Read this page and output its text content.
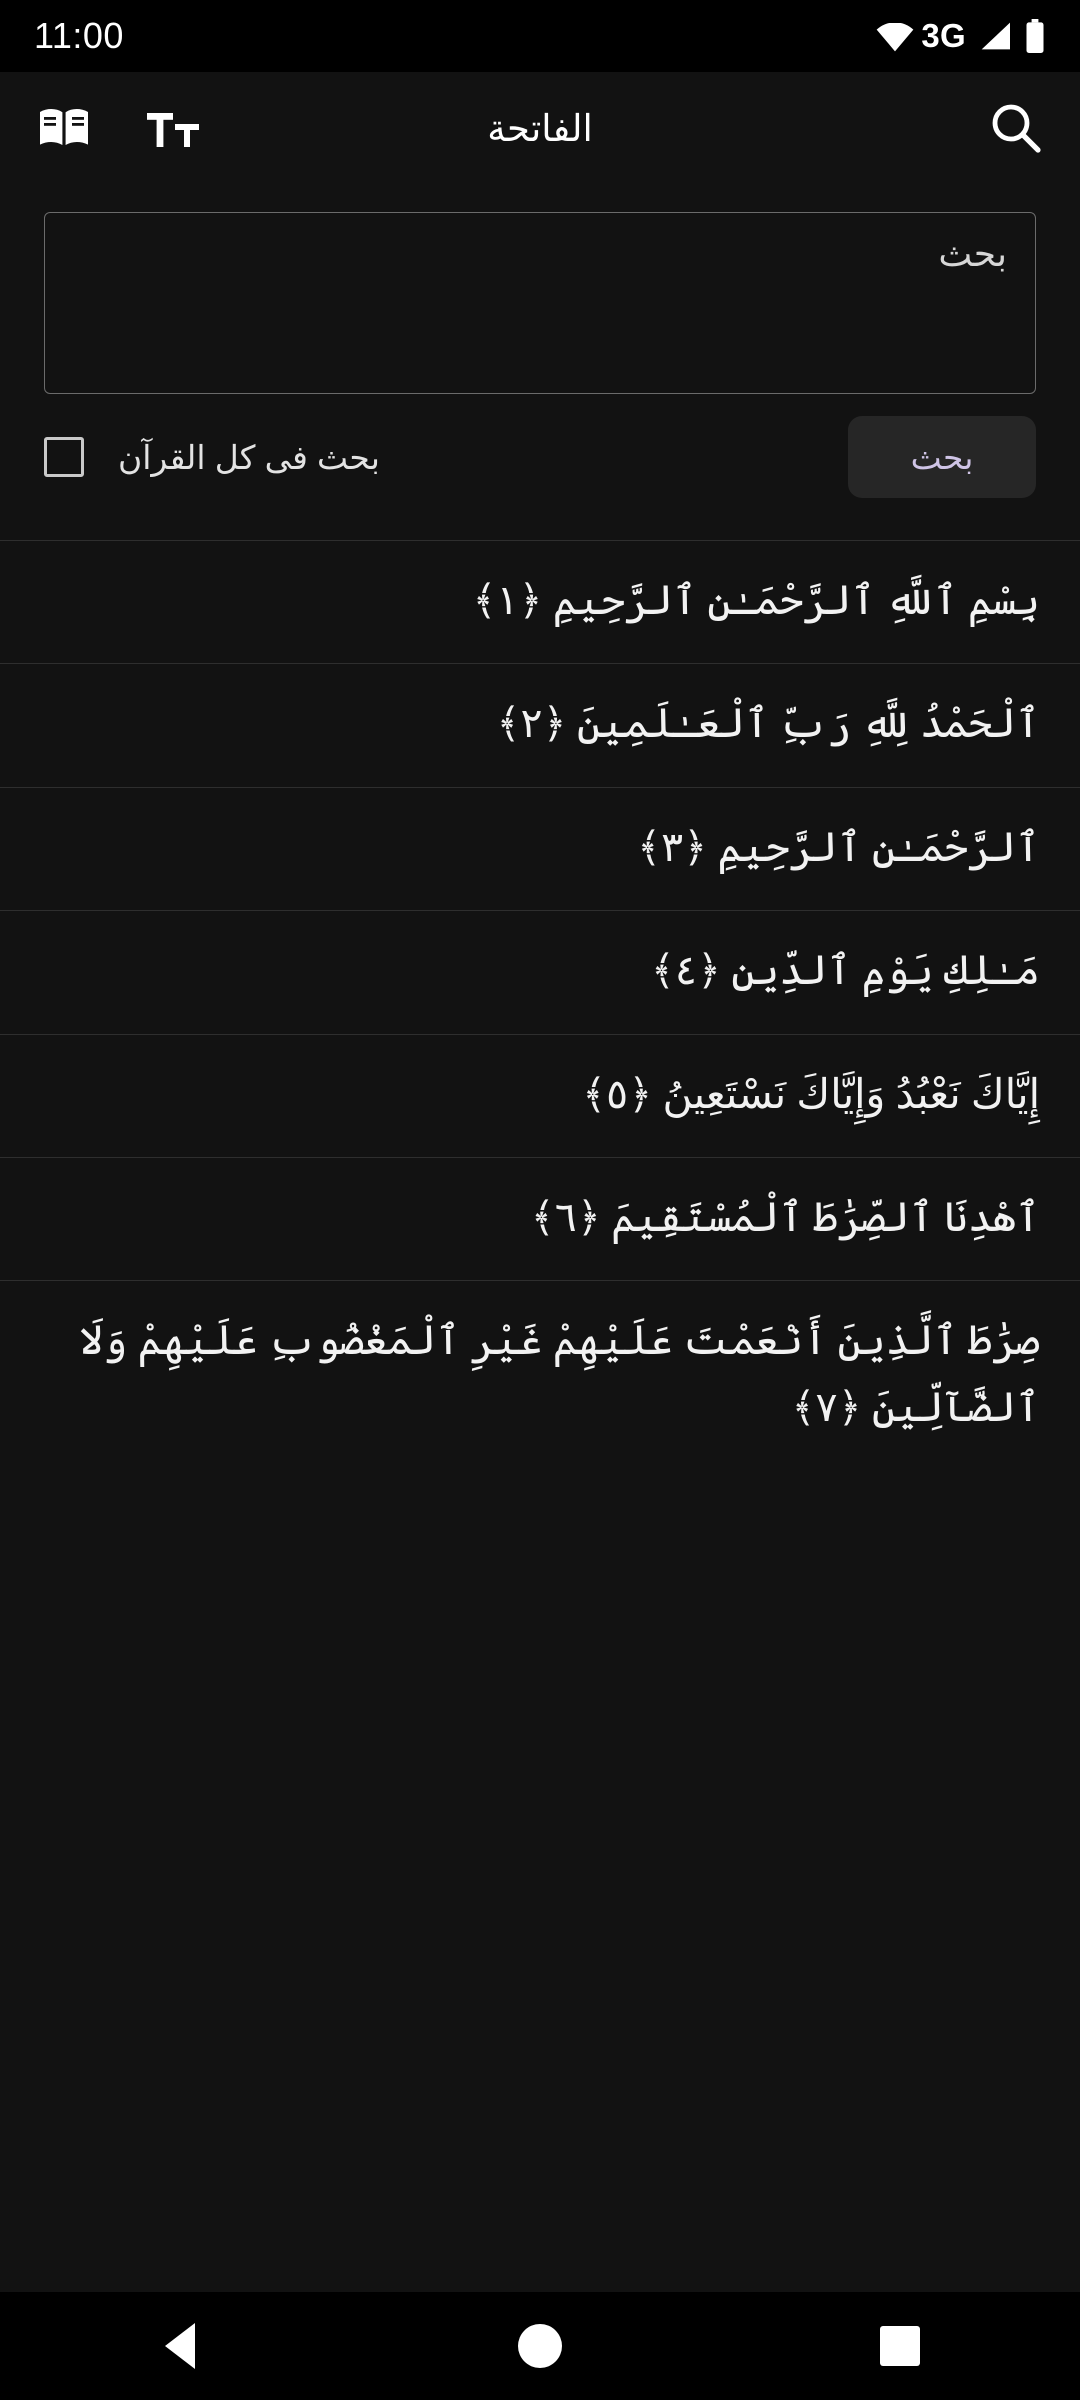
11:00	3G
الفاتحة
بحث
بحث
بحث فى كل القرآن
بِسْمِ ٱللَّهِ ٱلرَّحْمَـٰنِ ٱلرَّحِيمِ ﴿١﴾
ٱلْحَمْدُ لِلَّهِ رَبِّ ٱلْعَـٰلَمِينَ ﴿٢﴾
ٱلرَّحْمَـٰنِ ٱلرَّحِيمِ ﴿٣﴾
مَـٰلِكِ يَوْمِ ٱلدِّينِ ﴿٤﴾
إِيَّاكَ نَعْبُدُ وَإِيَّاكَ نَسْتَعِينُ ﴿٥﴾
ٱهْدِنَا ٱلصِّرَٰطَ ٱلْمُسْتَقِيمَ ﴿٦﴾
صِرَٰطَ ٱلَّذِينَ أَنْعَمْتَ عَلَيْهِمْ غَيْرِ ٱلْمَغْضُوبِ عَلَيْهِمْ وَلَا ٱلضَّآلِّينَ ﴿٧﴾
